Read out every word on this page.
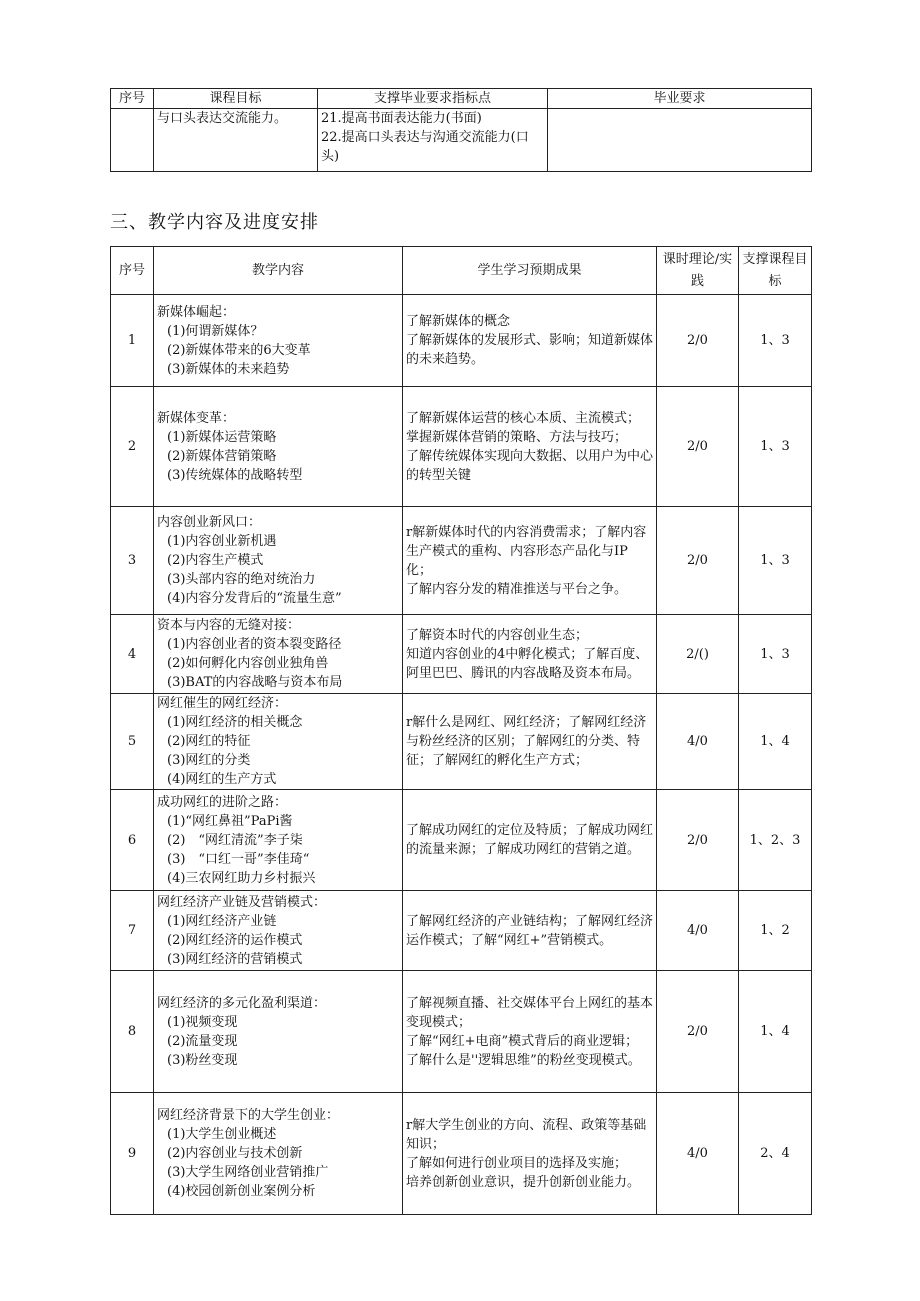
序号	课程目标	支撑毕业要求指标点	毕业要求
	与口头表达交流能力。	21.提高书面表达能力(书面)
22.提高口头表达与沟通交流能力(口头)	

三、教学内容及进度安排
序号	教学内容	学生学习预期成果	课时理论/实践	支撑课程目标
1	新媒体崛起：
(1)何谓新媒体？
(2)新媒体带来的6大变革
(3)新媒体的未来趋势	了解新媒体的概念
了解新媒体的发展形式、影响；知道新媒体的未来趋势。	2/0	1、3
2	新媒体变革：
(1)新媒体运营策略
(2)新媒体营销策略
(3)传统媒体的战略转型	了解新媒体运营的核心本质、主流模式；
掌握新媒体营销的策略、方法与技巧；
了解传统媒体实现向大数据、以用户为中心的转型关键	2/0	1、3
3	内容创业新风口：
(1)内容创业新机遇
(2)内容生产模式
(3)头部内容的绝对统治力
(4)内容分发背后的“流量生意”	r解新媒体时代的内容消费需求；了解内容生产模式的重构、内容形态产品化与IP化；
了解内容分发的精准推送与平台之争。	2/0	1、3
4	资本与内容的无缝对接：
(1)内容创业者的资本裂变路径
(2)如何孵化内容创业独角兽
(3)BAT的内容战略与资本布局	了解资本时代的内容创业生态；
知道内容创业的4中孵化模式；了解百度、阿里巴巴、腾讯的内容战略及资本布局。	2/()	1、3
5	网红催生的网红经济：
(1)网红经济的相关概念
(2)网红的特征
(3)网红的分类
(4)网红的生产方式	r解什么是网红、网红经济；了解网红经济与粉丝经济的区别；了解网红的分类、特征；了解网红的孵化生产方式；	4/0	1、4
6	成功网红的进阶之路：
(1)“网红鼻祖”PaPi酱
(2)　“网红清流”李子柒
(3)　“口红一哥”李佳琦“
(4)三农网红助力乡村振兴	了解成功网红的定位及特质；了解成功网红的流量来源；了解成功网红的营销之道。	2/0	1、2、3
7	网红经济产业链及营销模式：
(1)网红经济产业链
(2)网红经济的运作模式
(3)网红经济的营销模式	了解网红经济的产业链结构；了解网红经济运作模式；了解“网红+”营销模式。	4/0	1、2
8	网红经济的多元化盈利渠道：
(1)视频变现
(2)流量变现
(3)粉丝变现	了解视频直播、社交媒体平台上网红的基本变现模式；
了解“网红+电商”模式背后的商业逻辑；
了解什么是''逻辑思维”的粉丝变现模式。	2/0	1、4
9	网红经济背景下的大学生创业：
(1)大学生创业概述
(2)内容创业与技术创新
(3)大学生网络创业营销推广
(4)校园创新创业案例分析	r解大学生创业的方向、流程、政策等基础知识；
了解如何进行创业项目的选择及实施；
培养创新创业意识，提升创新创业能力。	4/0	2、4
